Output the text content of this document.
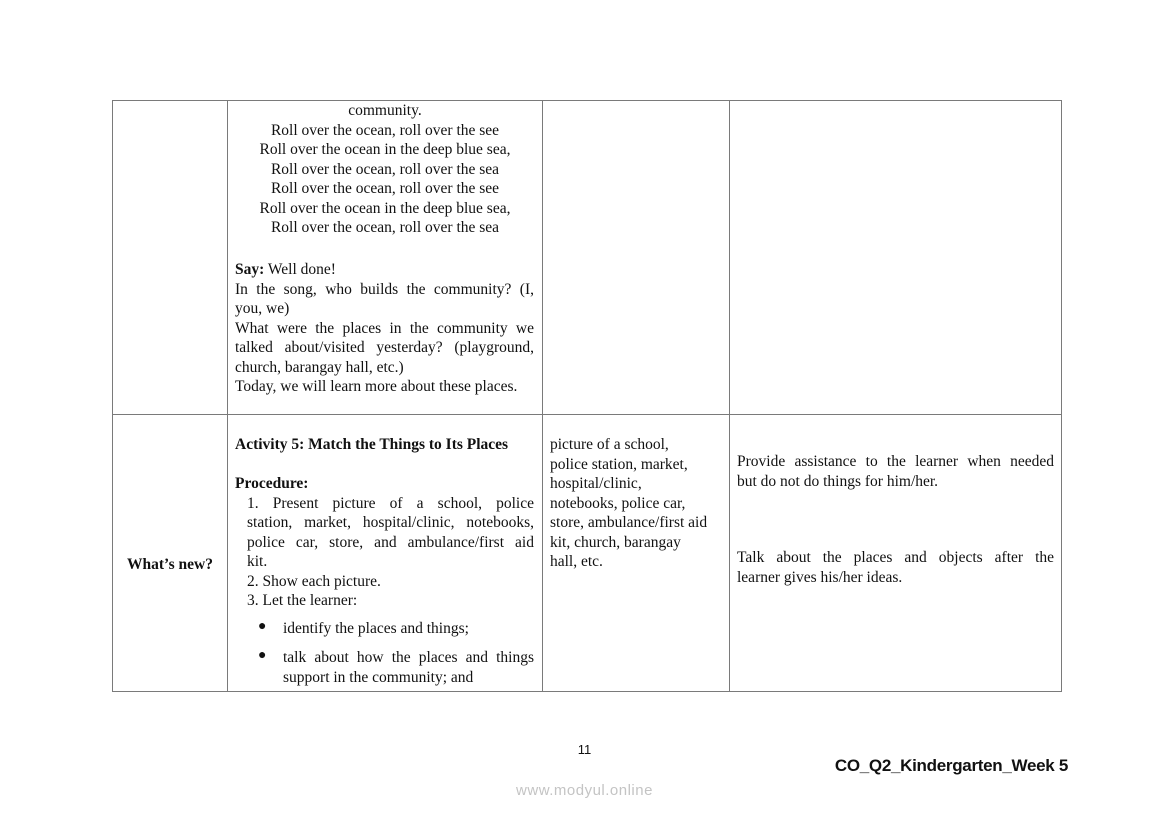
community.
Roll over the ocean, roll over the see
Roll over the ocean in the deep blue sea,
Roll over the ocean, roll over the sea
Roll over the ocean, roll over the see
Roll over the ocean in the deep blue sea,
Roll over the ocean, roll over the sea
Say: Well done!
In the song, who builds the community? (I,
you, we)
What were the places in the community we
talked about/visited yesterday? (playground,
church, barangay hall, etc.)
Today, we will learn more about these places.
What’s new?
Activity 5: Match the Things to Its Places
Procedure:
1. Present picture of a school, police
station, market, hospital/clinic, notebooks,
police car, store, and ambulance/first aid
kit.
2. Show each picture.
3. Let the learner:
● identify the places and things;
● talk about how the places and things
support in the community; and
picture of a school,
police station, market,
hospital/clinic,
notebooks, police car,
store, ambulance/first aid
kit, church, barangay
hall, etc.
Provide assistance to the learner when needed
but do not do things for him/her.
Talk about the places and objects after the
learner gives his/her ideas.
11
CO_Q2_Kindergarten_Week 5
www.modyul.online
